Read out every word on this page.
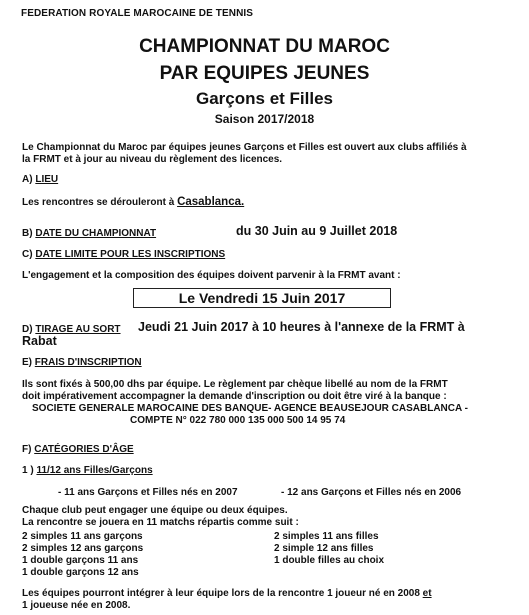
FEDERATION ROYALE MAROCAINE DE TENNIS
CHAMPIONNAT DU MAROC
PAR EQUIPES JEUNES
Garçons et Filles
Saison 2017/2018
Le Championnat du Maroc par équipes jeunes Garçons et Filles est ouvert aux clubs affiliés à
la FRMT et à jour au niveau du règlement des licences.
A) LIEU
Les rencontres se dérouleront à Casablanca.
B) DATE DU CHAMPIONNAT	du 30 Juin au 9 Juillet 2018
C) DATE LIMITE POUR LES INSCRIPTIONS
L'engagement et la composition des équipes doivent parvenir à la FRMT avant :
Le Vendredi 15 Juin 2017
D) TIRAGE AU SORT Jeudi 21 Juin 2017 à 10 heures à l'annexe de la FRMT à
Rabat
E) FRAIS D'INSCRIPTION
Ils sont fixés à 500,00 dhs par équipe. Le règlement par chèque libellé au nom de la FRMT
doit impérativement accompagner la demande d'inscription ou doit être viré à la banque :
SOCIETE GENERALE MAROCAINE DES BANQUE- AGENCE BEAUSEJOUR CASABLANCA -
COMPTE N° 022 780 000 135 000 500 14 95 74
F) CATÉGORIES D'ÂGE
1 ) 11/12 ans Filles/Garçons
- 11 ans Garçons et Filles nés en 2007	- 12 ans Garçons et Filles nés en 2006
Chaque club peut engager une équipe ou deux équipes.
La rencontre se jouera en 11 matchs répartis comme suit :
2 simples 11 ans garçons
2 simples 12 ans garçons
1 double garçons 11 ans
1 double garçons 12 ans
2 simples 11 ans filles
2 simple 12 ans filles
1 double filles au choix
Les équipes pourront intégrer à leur équipe lors de la rencontre 1 joueur né en 2008 et
1 joueuse née en 2008.
